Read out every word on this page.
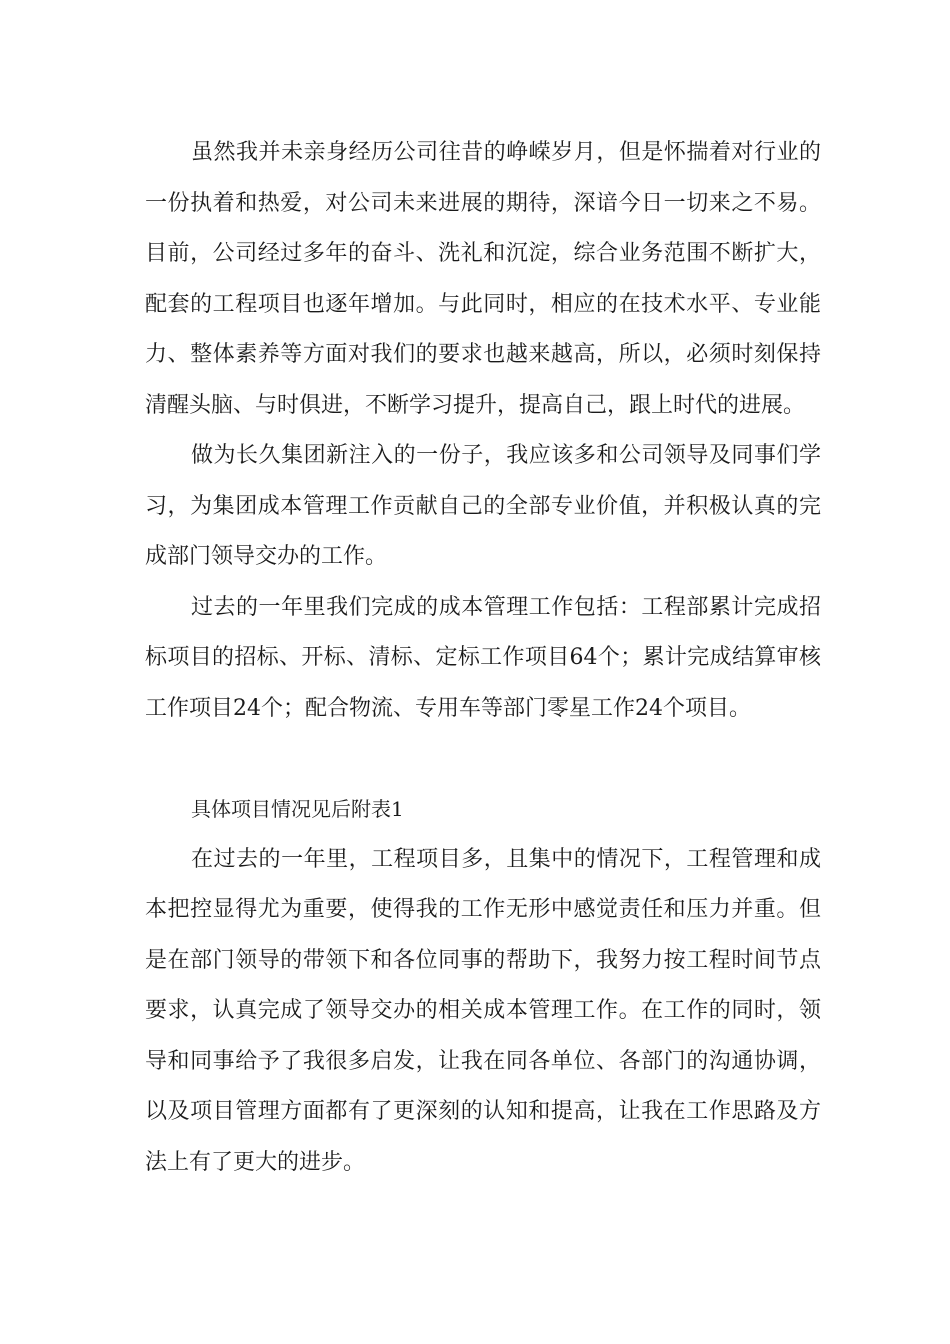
虽然我并未亲身经历公司往昔的峥嵘岁月，但是怀揣着对行业的一份执着和热爱，对公司未来进展的期待，深谙今日一切来之不易。目前，公司经过多年的奋斗、洗礼和沉淀，综合业务范围不断扩大，配套的工程项目也逐年增加。与此同时，相应的在技术水平、专业能力、整体素养等方面对我们的要求也越来越高，所以，必须时刻保持清醒头脑、与时俱进，不断学习提升，提高自己，跟上时代的进展。

做为长久集团新注入的一份子，我应该多和公司领导及同事们学习，为集团成本管理工作贡献自己的全部专业价值，并积极认真的完成部门领导交办的工作。

过去的一年里我们完成的成本管理工作包括：工程部累计完成招标项目的招标、开标、清标、定标工作项目64个；累计完成结算审核工作项目24个；配合物流、专用车等部门零星工作24个项目。

具体项目情况见后附表1

在过去的一年里，工程项目多，且集中的情况下，工程管理和成本把控显得尤为重要，使得我的工作无形中感觉责任和压力并重。但是在部门领导的带领下和各位同事的帮助下，我努力按工程时间节点要求，认真完成了领导交办的相关成本管理工作。在工作的同时，领导和同事给予了我很多启发，让我在同各单位、各部门的沟通协调，以及项目管理方面都有了更深刻的认知和提高，让我在工作思路及方法上有了更大的进步。
